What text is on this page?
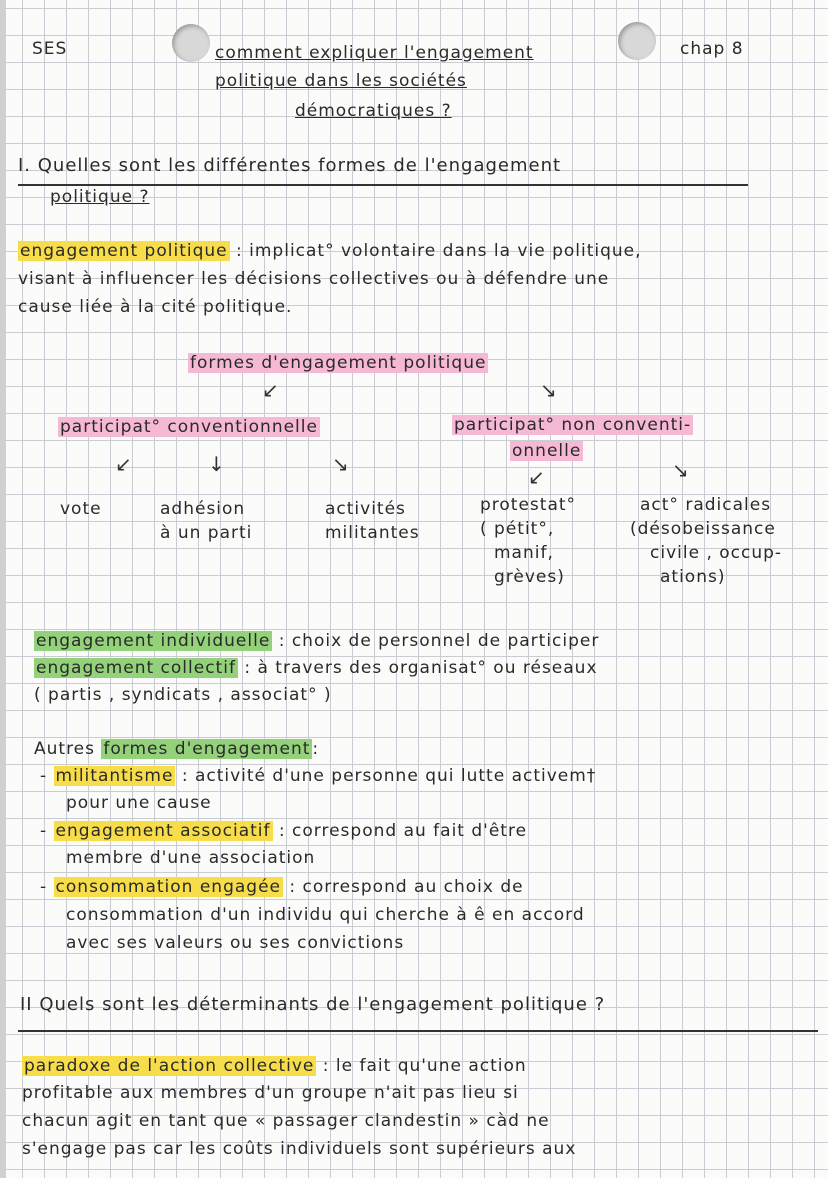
SES	comment expliquer l'engagement	chap 8
politique dans les sociétés
démocratiques ?
I. Quelles sont les différentes formes de l'engagement
politique ?
engagement politique : implicat° volontaire dans la vie politique,
visant à influencer les décisions collectives ou à défendre une
cause liée à la cité politique.
formes d'engagement politique
↙	↘
participat° conventionnelle	participat° non conventi-
onnelle
↙	↓	↘
↙	↘
vote	adhésion
à un parti
activités
militantes
protestat°
( pétit°,
manif,
grèves)
act° radicales
(désobeissance
civile , occup-
ations)
engagement individuelle : choix de personnel de participer
engagement collectif : à travers des organisat° ou réseaux
( partis , syndicats , associat° )
Autres formes d'engagement :
- militantisme : activité d'une personne qui lutte activem†
pour une cause
- engagement associatif : correspond au fait d'être
membre d'une association
- consommation engagée : correspond au choix de
consommation d'un individu qui cherche à ê en accord
avec ses valeurs ou ses convictions
II Quels sont les déterminants de l'engagement politique ?
paradoxe de l'action collective : le fait qu'une action
profitable aux membres d'un groupe n'ait pas lieu si
chacun agit en tant que « passager clandestin » càd ne
s'engage pas car les coûts individuels sont supérieurs aux
